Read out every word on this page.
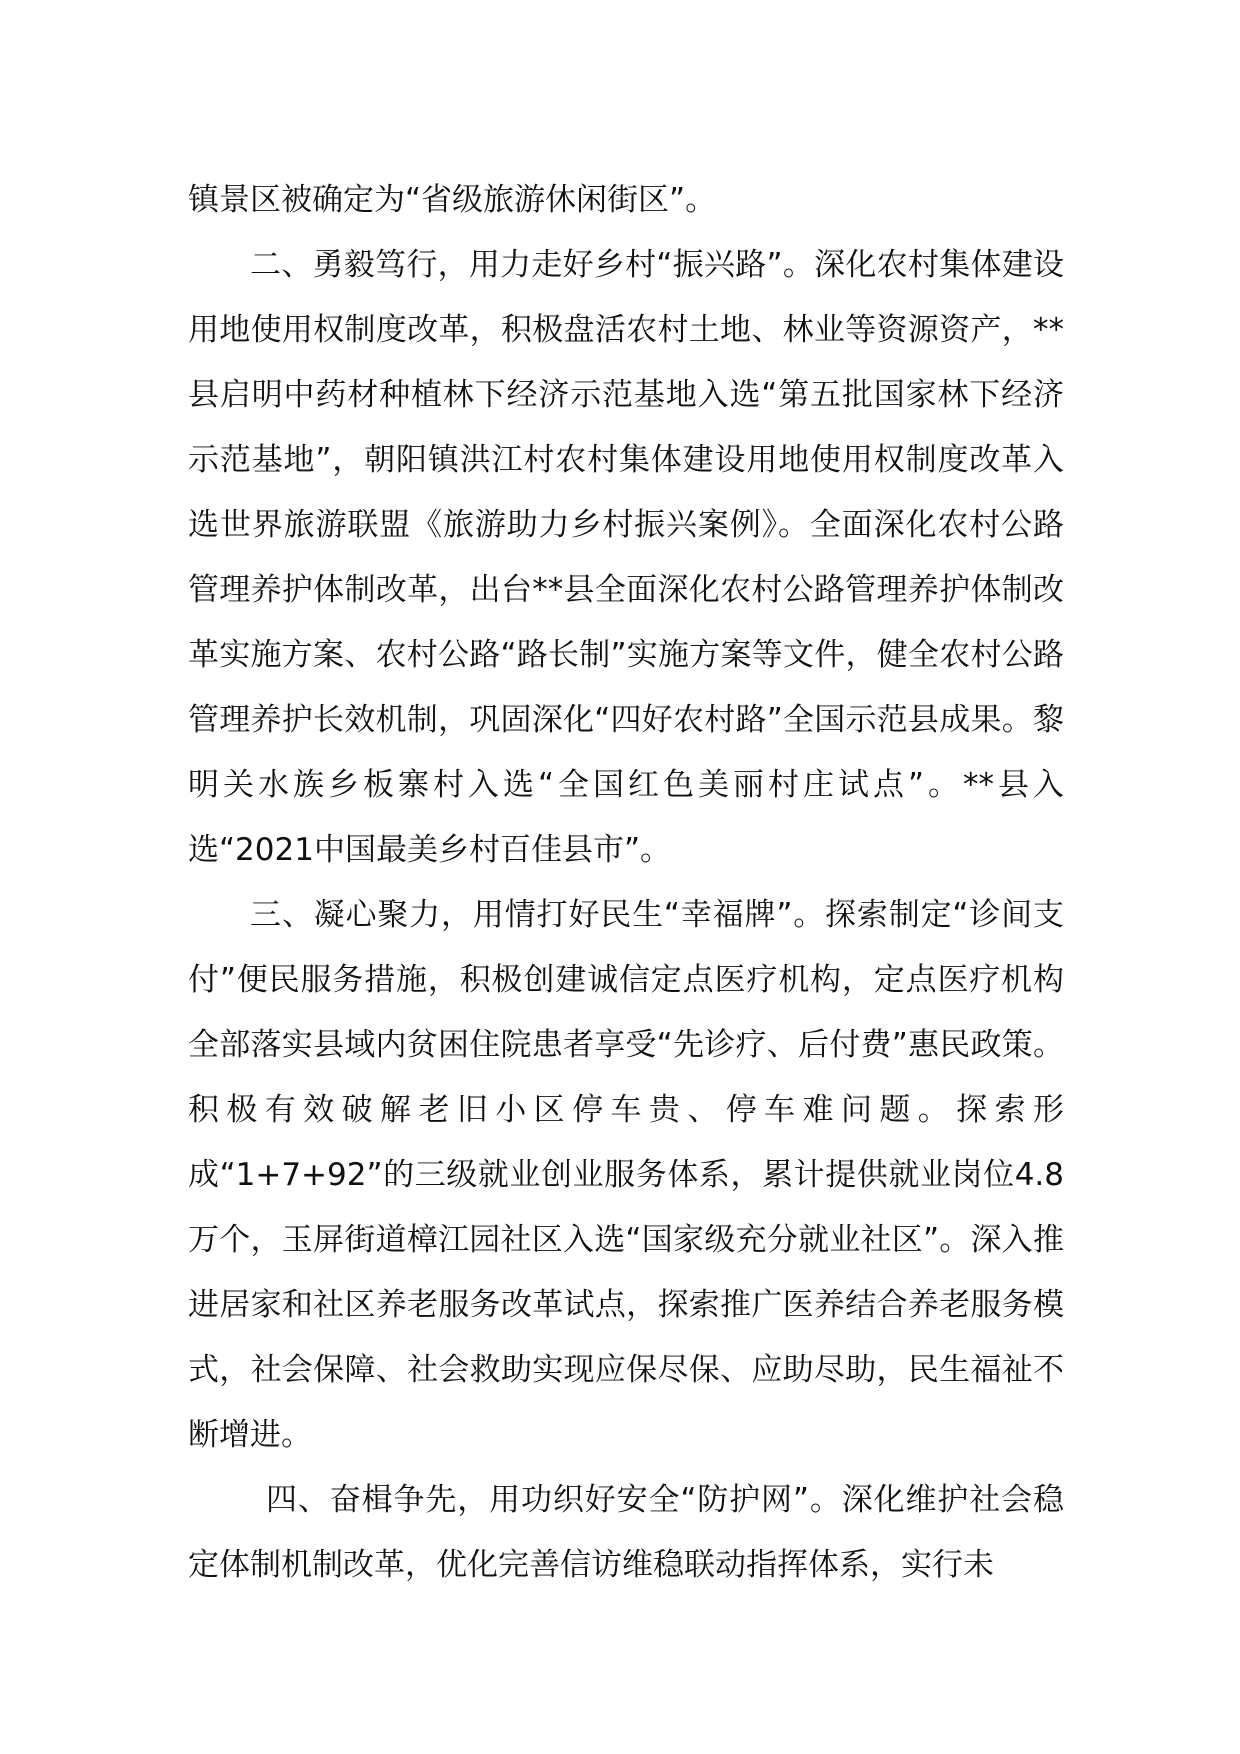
镇景区被确定为“省级旅游休闲街区”。

二、勇毅笃行，用力走好乡村“振兴路”。深化农村集体建设用地使用权制度改革，积极盘活农村土地、林业等资源资产，**县启明中药材种植林下经济示范基地入选“第五批国家林下经济示范基地”，朝阳镇洪江村农村集体建设用地使用权制度改革入选世界旅游联盟《旅游助力乡村振兴案例》。全面深化农村公路管理养护体制改革，出台**县全面深化农村公路管理养护体制改革实施方案、农村公路“路长制”实施方案等文件，健全农村公路管理养护长效机制，巩固深化“四好农村路”全国示范县成果。黎明关水族乡板寨村入选“全国红色美丽村庄试点”。**县入选“2021中国最美乡村百佳县市”。

三、凝心聚力，用情打好民生“幸福牌”。探索制定“诊间支付”便民服务措施，积极创建诚信定点医疗机构，定点医疗机构全部落实县域内贫困住院患者享受“先诊疗、后付费”惠民政策。积极有效破解老旧小区停车贵、停车难问题。探索形成“1+7+92”的三级就业创业服务体系，累计提供就业岗位4.8万个，玉屏街道樟江园社区入选“国家级充分就业社区”。深入推进居家和社区养老服务改革试点，探索推广医养结合养老服务模式，社会保障、社会救助实现应保尽保、应助尽助，民生福祉不断增进。

四、奋楫争先，用功织好安全“防护网”。深化维护社会稳定体制机制改革，优化完善信访维稳联动指挥体系，实行未
